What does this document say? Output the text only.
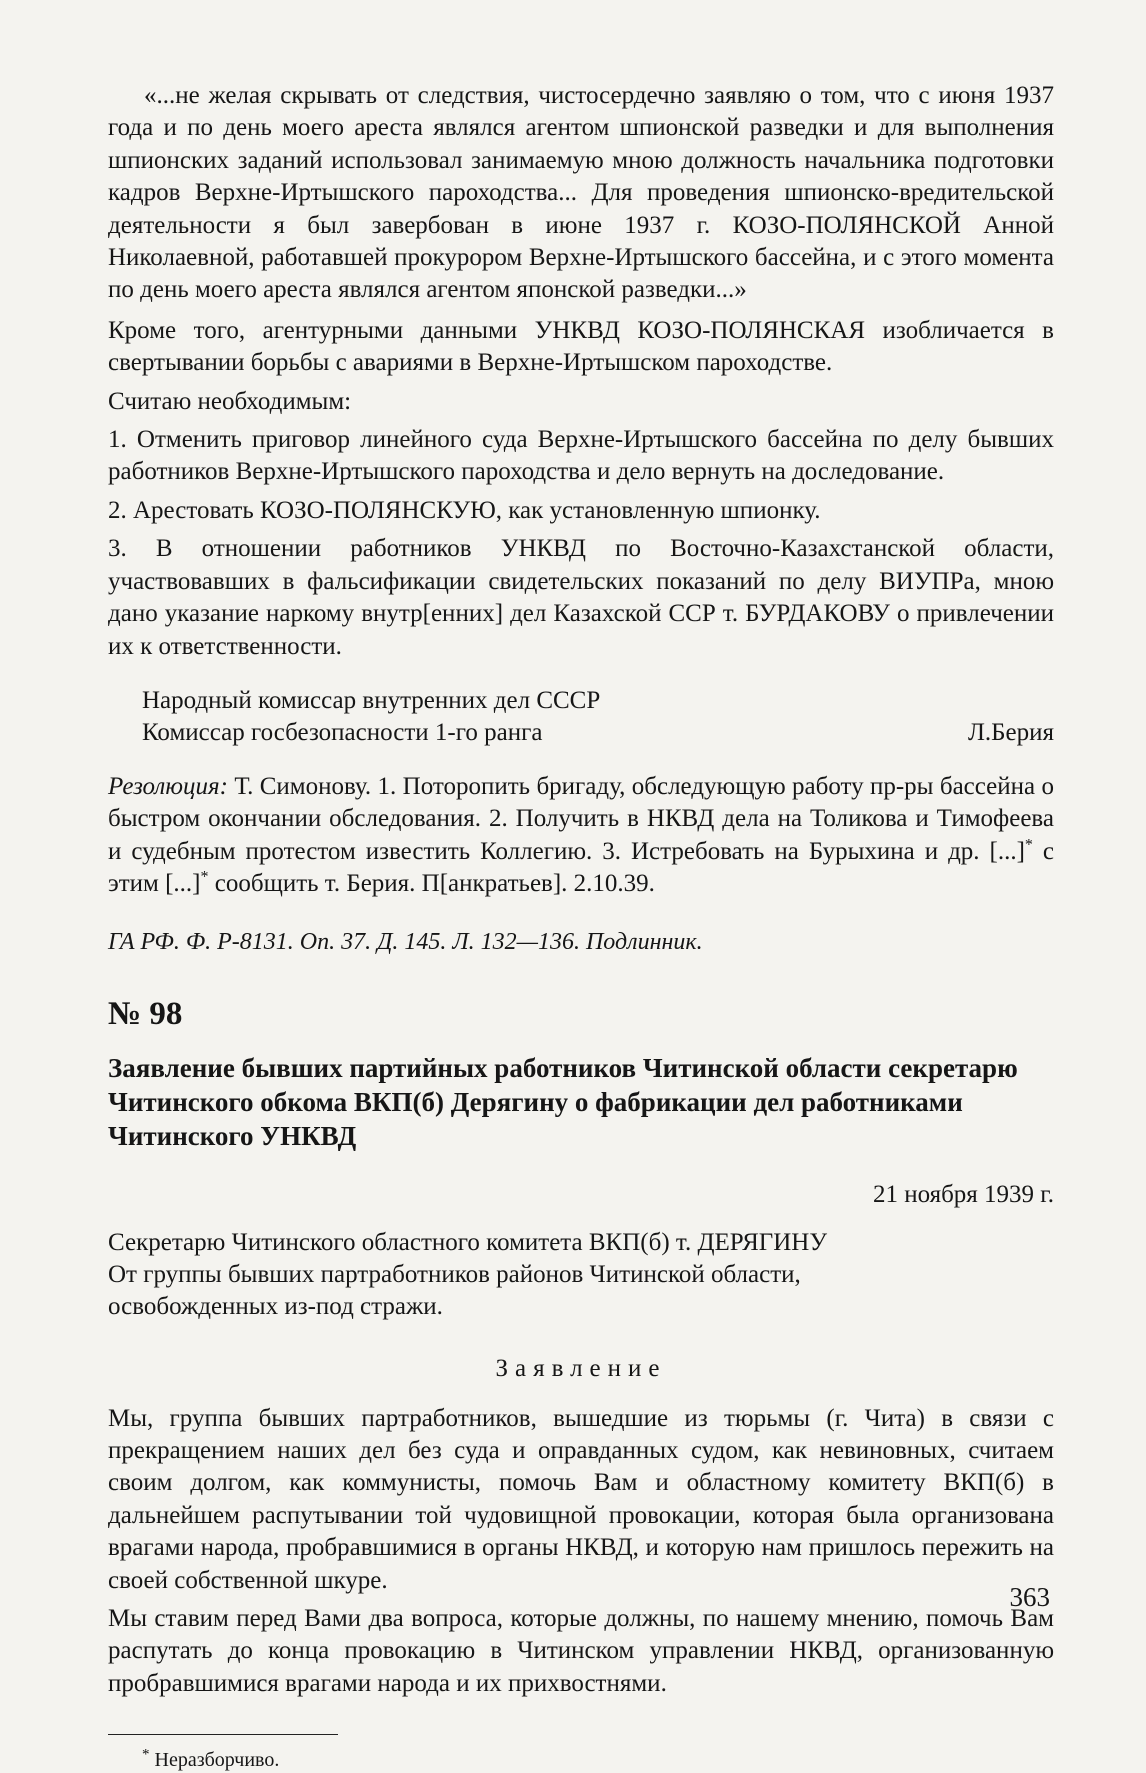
«...не желая скрывать от следствия, чистосердечно заявляю о том, что с июня 1937 года и по день моего ареста являлся агентом шпионской разведки и для выполнения шпионских заданий использовал занимаемую мною должность начальника подготовки кадров Верхне-Иртышского пароходства... Для проведения шпионско-вредительской деятельности я был завербован в июне 1937 г. КОЗО-ПОЛЯНСКОЙ Анной Николаевной, работавшей прокурором Верхне-Иртышского бассейна, и с этого момента по день моего ареста являлся агентом японской разведки...»

Кроме того, агентурными данными УНКВД КОЗО-ПОЛЯНСКАЯ изобличается в свертывании борьбы с авариями в Верхне-Иртышском пароходстве.

Считаю необходимым:

1. Отменить приговор линейного суда Верхне-Иртышского бассейна по делу бывших работников Верхне-Иртышского пароходства и дело вернуть на доследование.

2. Арестовать КОЗО-ПОЛЯНСКУЮ, как установленную шпионку.

3. В отношении работников УНКВД по Восточно-Казахстанской области, участвовавших в фальсификации свидетельских показаний по делу ВИУПРа, мною дано указание наркому внутр[енних] дел Казахской ССР т. БУРДАКОВУ о привлечении их к ответственности.

Народный комиссар внутренних дел СССР
Комиссар госбезопасности 1-го ранга	Л.Берия
Резолюция: Т. Симонову. 1. Поторопить бригаду, обследующую работу пр-ры бассейна о быстром окончании обследования. 2. Получить в НКВД дела на Толикова и Тимофеева и судебным протестом известить Коллегию. 3. Истребовать на Бурыхина и др. [...]* с этим [...]* сообщить т. Берия. П[анкратьев]. 2.10.39.
ГА РФ. Ф. Р-8131. Оп. 37. Д. 145. Л. 132—136. Подлинник.
№ 98
Заявление бывших партийных работников Читинской области секретарю Читинского обкома ВКП(б) Дерягину о фабрикации дел работниками Читинского УНКВД
21 ноября 1939 г.
Секретарю Читинского областного комитета ВКП(б) т. ДЕРЯГИНУ
От группы бывших партработников районов Читинской области,
освобожденных из-под стражи.
Заявление

Мы, группа бывших партработников, вышедшие из тюрьмы (г. Чита) в связи с прекращением наших дел без суда и оправданных судом, как невиновных, считаем своим долгом, как коммунисты, помочь Вам и областному комитету ВКП(б) в дальнейшем распутывании той чудовищной провокации, которая была организована врагами народа, пробравшимися в органы НКВД, и которую нам пришлось пережить на своей собственной шкуре.

Мы ставим перед Вами два вопроса, которые должны, по нашему мнению, помочь Вам распутать до конца провокацию в Читинском управлении НКВД, организованную пробравшимися врагами народа и их прихвостнями.

* Неразборчиво.
363
